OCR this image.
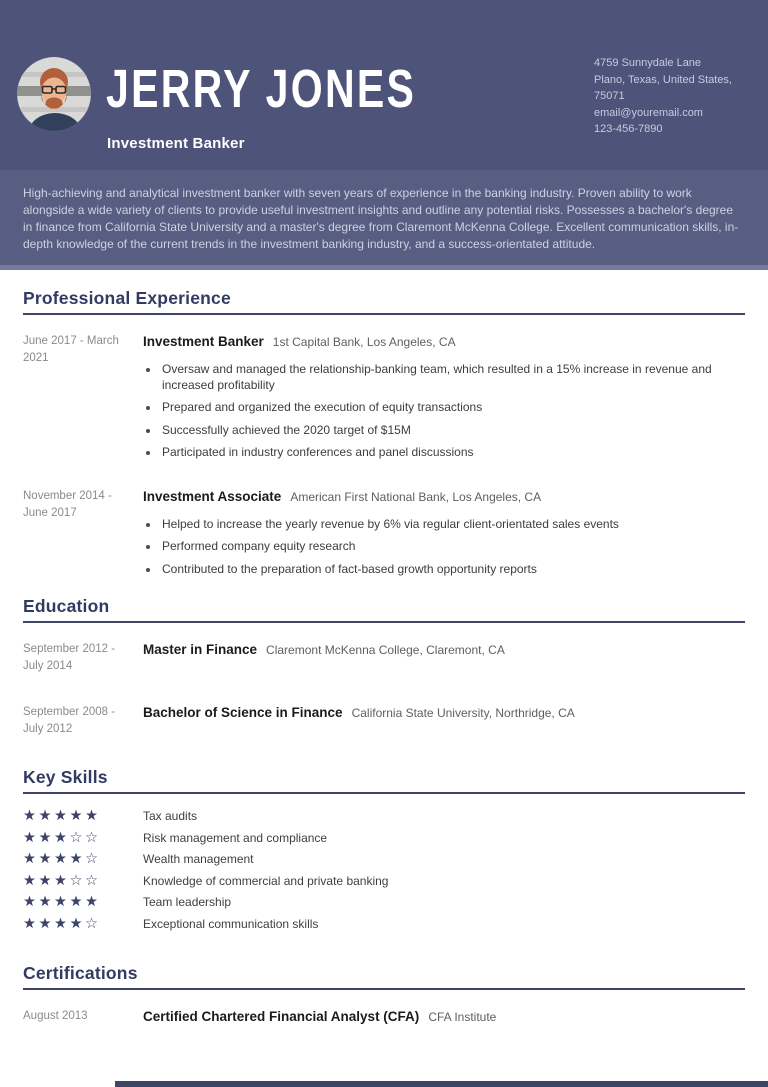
JERRY JONES
Investment Banker
4759 Sunnydale Lane
Plano, Texas, United States,
75071
email@youremail.com
123-456-7890
High-achieving and analytical investment banker with seven years of experience in the banking industry. Proven ability to work alongside a wide variety of clients to provide useful investment insights and outline any potential risks. Possesses a bachelor's degree in finance from California State University and a master's degree from Claremont McKenna College. Excellent communication skills, in-depth knowledge of the current trends in the investment banking industry, and a success-orientated attitude.
Professional Experience
June 2017 - March 2021
Investment Banker 1st Capital Bank, Los Angeles, CA
Oversaw and managed the relationship-banking team, which resulted in a 15% increase in revenue and increased profitability
Prepared and organized the execution of equity transactions
Successfully achieved the 2020 target of $15M
Participated in industry conferences and panel discussions
November 2014 - June 2017
Investment Associate American First National Bank, Los Angeles, CA
Helped to increase the yearly revenue by 6% via regular client-orientated sales events
Performed company equity research
Contributed to the preparation of fact-based growth opportunity reports
Education
September 2012 - July 2014
Master in Finance Claremont McKenna College, Claremont, CA
September 2008 - July 2012
Bachelor of Science in Finance California State University, Northridge, CA
Key Skills
★★★★★	Tax audits
★★★☆☆	Risk management and compliance
★★★★☆	Wealth management
★★★☆☆	Knowledge of commercial and private banking
★★★★★	Team leadership
★★★★☆	Exceptional communication skills
Certifications
August 2013	Certified Chartered Financial Analyst (CFA) CFA Institute
